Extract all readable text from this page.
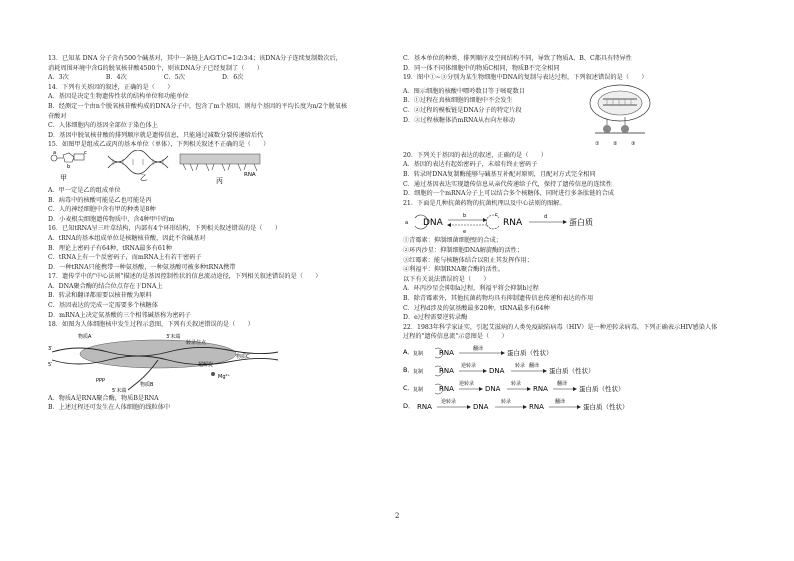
13．已知某 DNA 分子含有500个碱基对，其中一条链上A∶G∶T∶C=1∶2∶3∶4；该DNA分子连续复制数次后，
消耗周围环境中含G的脱氧核苷酸4500个，则该DNA分子已经复制了（　　）
A．3次　　　　　　B．4次　　　　　　C．5次　　　　　　D．6次
14．下列有关基因的叙述，正确的是（　　）
A．基因是决定生物遗传性状的结构单位和功能单位
B．经测定一个由n个脱氧核苷酸构成的DNA分子中，包含了m个基因，则每个基因的平均长度为n/2个脱氧核
苷酸对
C．人体细胞内的基因全部位于染色体上
D．基因中脱氧核苷酸的排列顺序就是遗传信息，只能通过减数分裂传递给后代
15．如图甲是组成乙或丙的基本单位（单体），下列相关叙述不正确的是（　　）
a
b
c
甲	乙	RNA
丙
A．甲一定是乙的组成单位
B．病毒中的核酸可能是乙也可能是丙
C．人的神经细胞中含有甲的种类是8种
D．小麦根尖细胞遗传物质中，含4种甲中的m
16．已知tRNA呈三叶草结构，内部有4个环形结构，下列相关叙述错误的是（　　）
A．tRNA的基本组成单位是核糖核苷酸，因此不含碱基对
B．理论上密码子有64种，tRNA最多有61种
C．tRNA上有一个反密码子，而mRNA上有若干密码子
D．一种tRNA只能携带一种氨基酸，一种氨基酸可被多种tRNA携带
17．遗传学中的"中心法则"描述的是基因控制性状的信息流动途径，下列相关叙述错误的是（　　）
A．DNA聚合酶的结合位点存在于DNA上
B．转录和翻译都需要以核苷酸为原料
C．基因表达的完成一定需要多个核糖体
D．mRNA上决定氨基酸的三个相邻碱基称为密码子
18．如图为人体细胞核中发生过程示意图，下列有关叙述错误的是（　　）
物质A	3′末端
转录位点
物质C
超解旋
Mg²⁺
PPP
物质B
5′末端
3′
5′
A．物质A是RNA聚合酶，物质B是RNA
B．上述过程还可发生在人体细胞的线粒体中
C．基本单位的种类、排列顺序及空间结构不同，导致了物质A、B、C都具有特异性
D．同一体不同体细胞中的物质C相同，物质B不完全相同
19．图中①~③分别为某生物细胞中DNA的复制与表达过程，下列叙述错误的是（　　）
A．图示细胞的核酸中嘌呤数目等于嘧啶数目
B．①过程在真核细胞的细胞中不会发生
C．②过程的模板链是DNA分子的特定片段
D．③过程核糖体沿mRNA从右向左移动
①	②	③
20．下列关于基因的表达的叙述，正确的是（　　）
A．基因的表达有起始密码子，末端有终止密码子
B．转录时DNA复制酶能够与碱基互补配对原则，且配对方式完全相同
C．通过基因表达实现遗传信息从亲代传递给子代，保持了遗传信息的连续性
D．细胞的一个mRNA分子上可以结合多个核糖体，同时进行多条肽链的合成
21．下面是几种抗菌药物的抗菌机理以及中心法则的图解。
a DNA
b
e
c
RNA
d
蛋白质
①青霉素：抑制细菌细胞壁的合成；
②环丙沙星：抑制细胞DNA解旋酶的活性；
③红霉素：能与核糖体结合以阻止其发挥作用；
④利福平：抑制RNA聚合酶的活性。
以下有关说法错误的是（　　）
A．环丙沙星会抑制a过程，利福平将会抑制b过程
B．除青霉素外，其他抗菌药物均具有抑制遗传信息传递和表达的作用
C．过程d涉及的氨基酸最多20种，tRNA最多有64种
D．e过程需要逆转录酶
22．1983年科学家证实，引起艾滋病的人类免疫缺陷病毒（HIV）是一种逆转录病毒。下列正确表示HIV感染人体
过程的"遗传信息流"示意图是（　　）
A． 复制 RNA	翻译	蛋白质（性状）
B． 复制 RNA
逆转录
DNA
转录 翻译
蛋白质（性状）
C．
复制 RNA
逆转录
DNA
转录
RNA
翻译
蛋白质（性状）
D． RNA
逆转录
DNA
转录
RNA
翻译
蛋白质（性状）
2
